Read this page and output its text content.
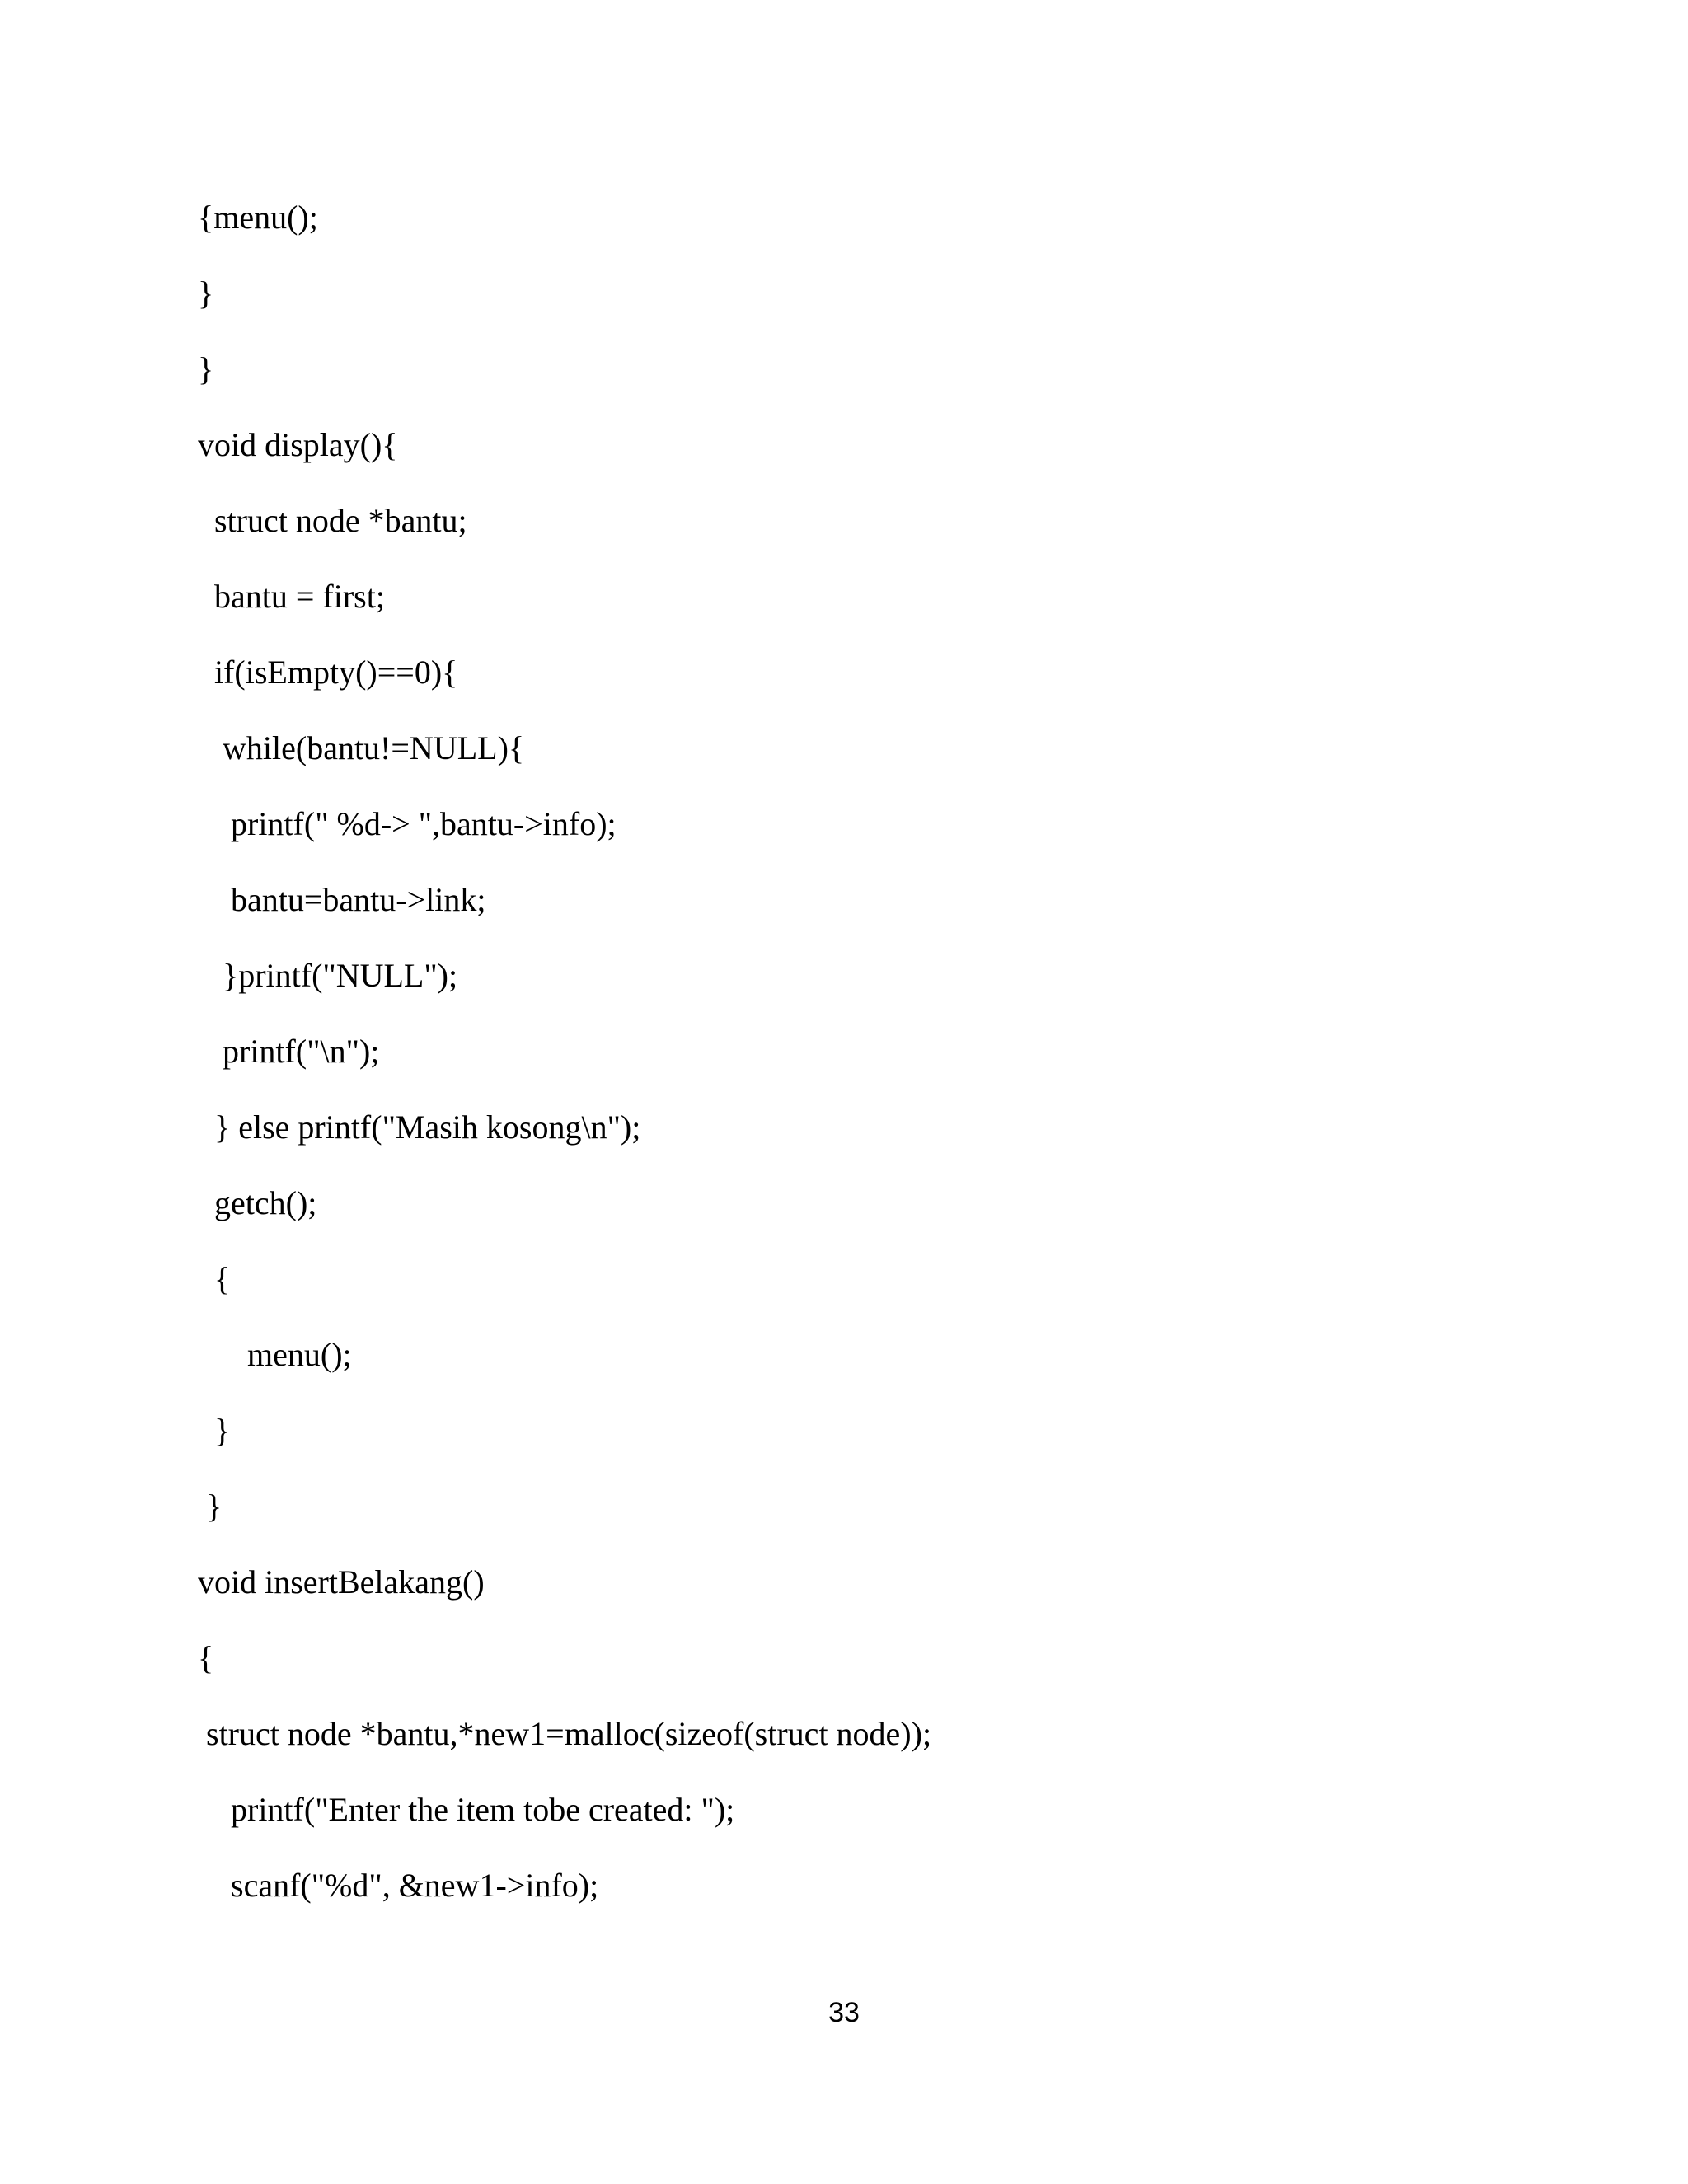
{menu();

}

}

void display(){

struct node *bantu;

bantu = first;

if(isEmpty()==0){

while(bantu!=NULL){

printf(" %d-> ",bantu->info);

bantu=bantu->link;

}printf("NULL");

printf("\n");

} else printf("Masih kosong\n");

getch();

{

menu();

}

}

void insertBelakang()

{

struct node *bantu,*new1=malloc(sizeof(struct node));

printf("Enter the item tobe created: ");

scanf("%d", &new1->info);

33
